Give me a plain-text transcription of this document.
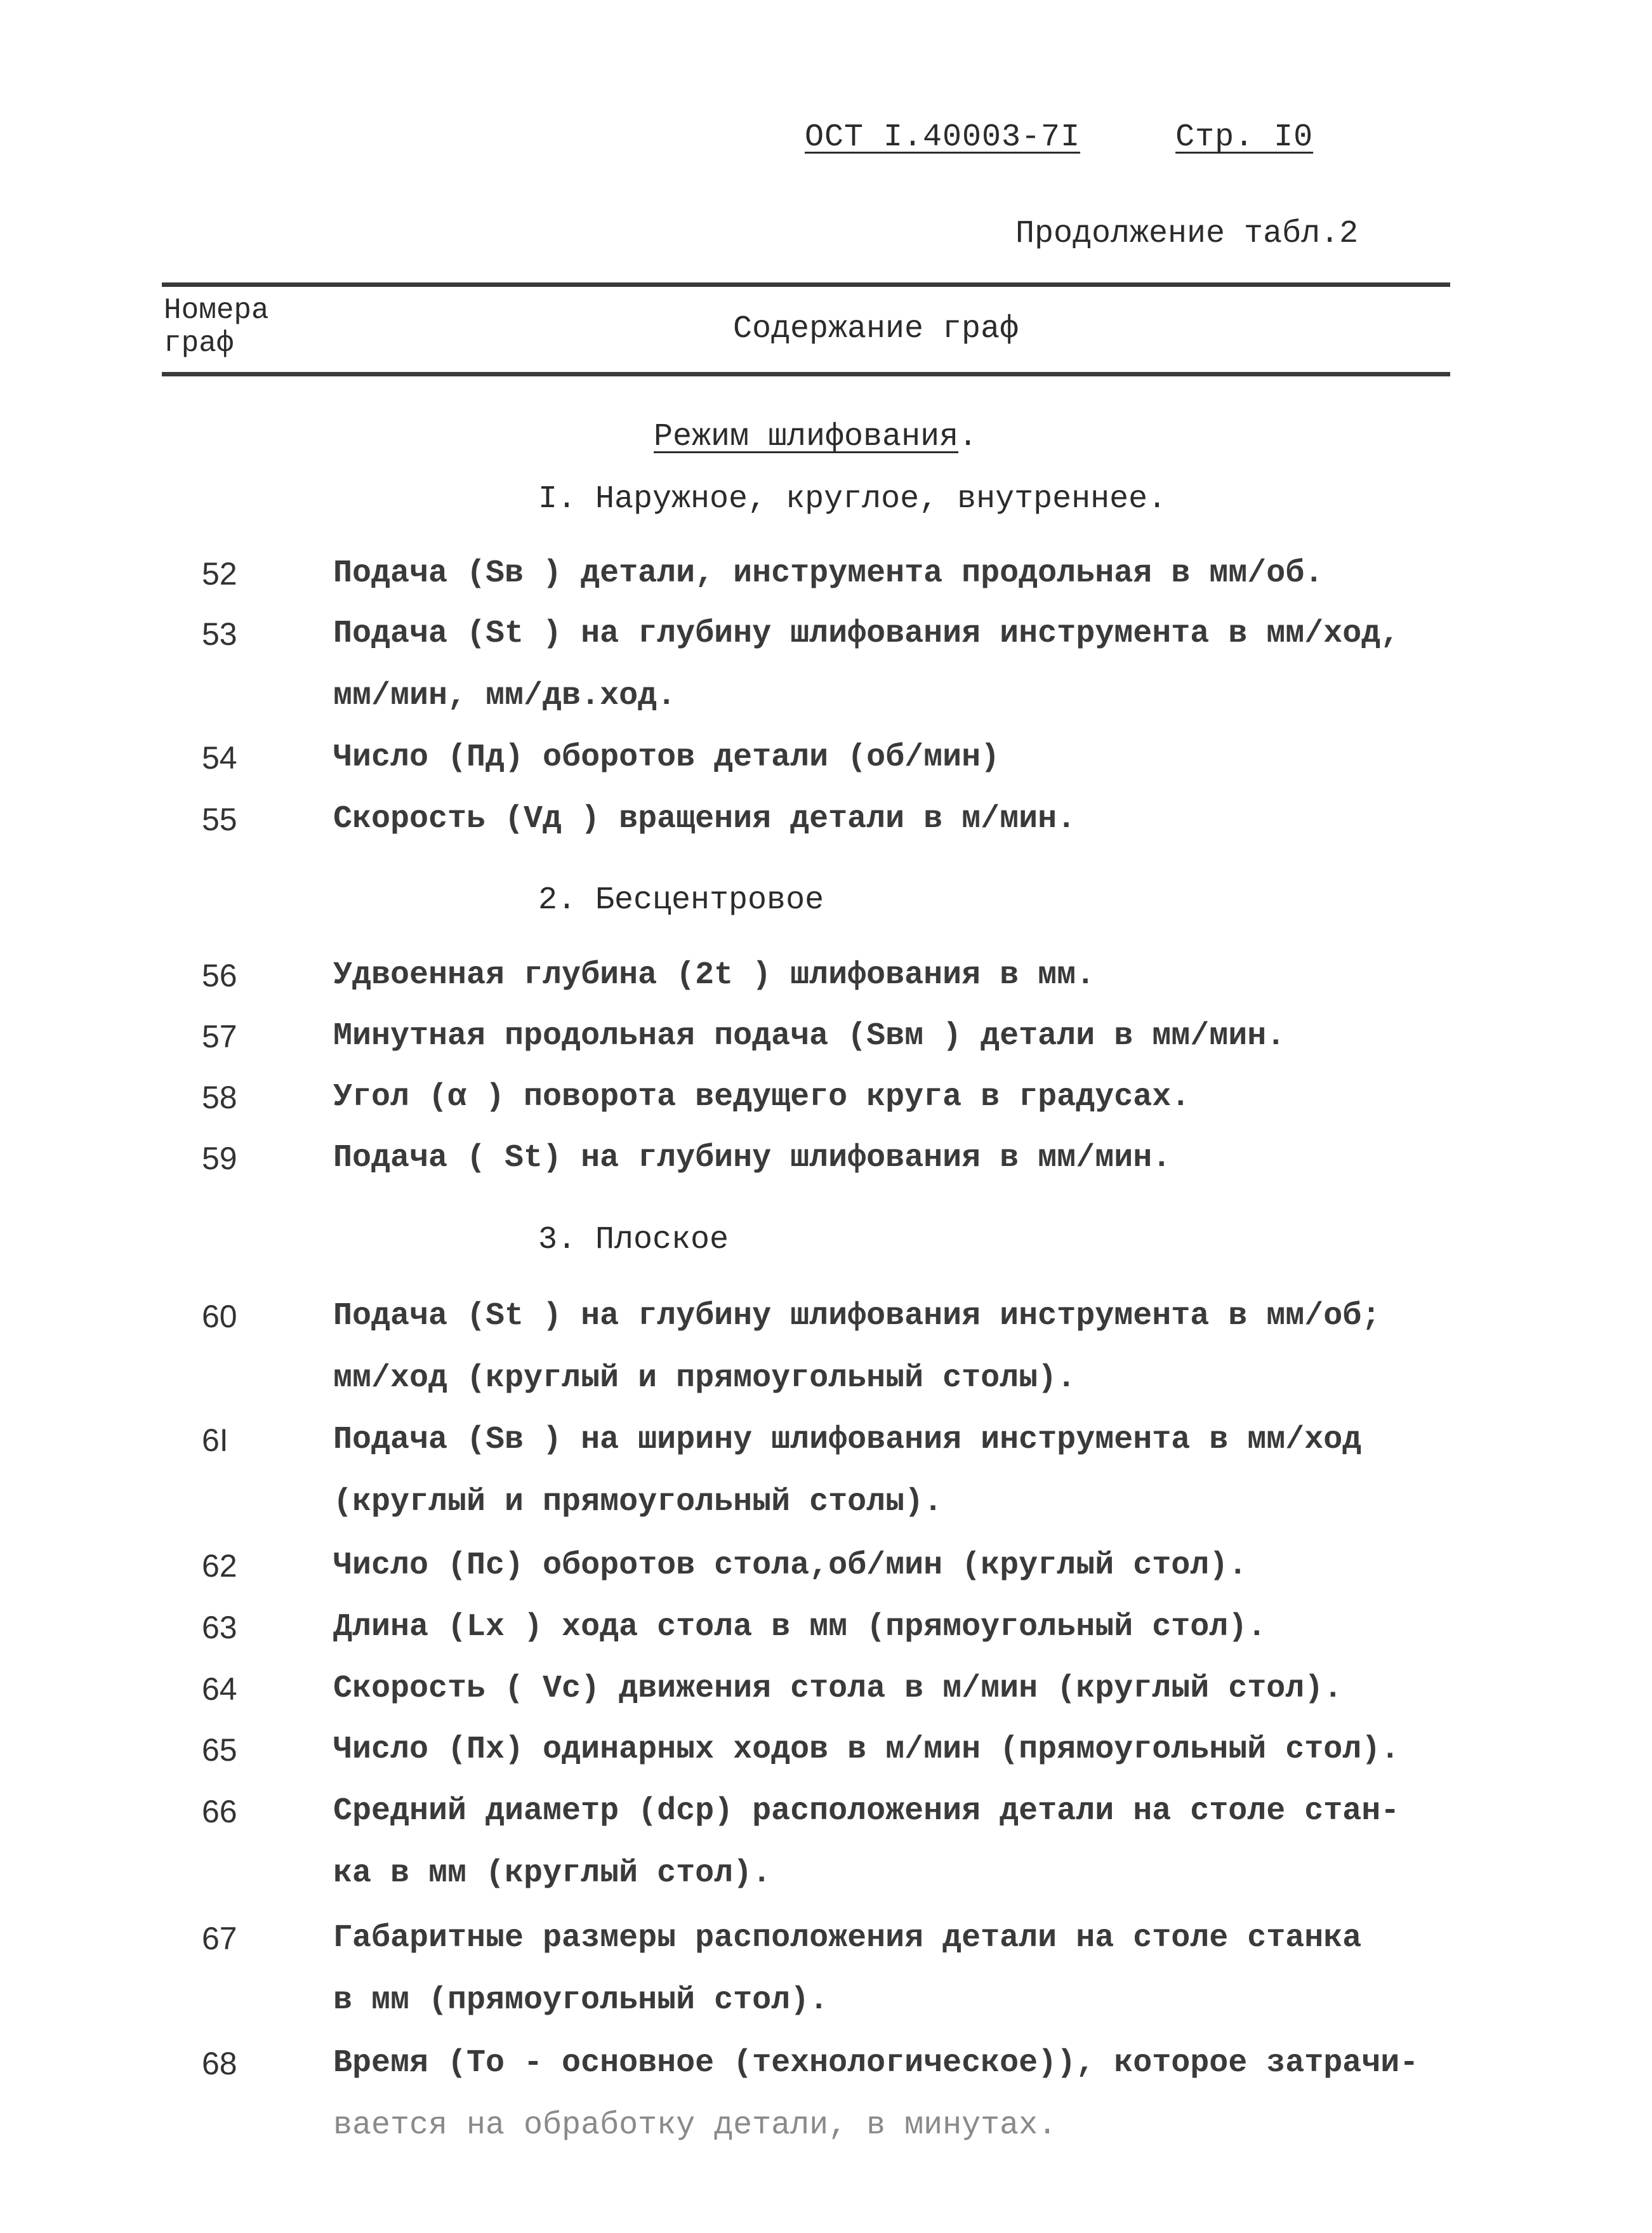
ОСТ I.40003-7I	Стр. I0
Продолжение табл.2
Номера
граф	Содержание граф
Режим шлифования.
I. Наружное, круглое, внутреннее.
52	Подача (Sв ) детали, инструмента продольная в мм/об.
53	Подача (St ) на глубину шлифования инструмента в мм/ход,
мм/мин, мм/дв.ход.
54	Число (Пд) оборотов детали (об/мин)
55	Скорость (Vд ) вращения детали в м/мин.
2. Бесцентровое
56	Удвоенная глубина (2t ) шлифования в мм.
57	Минутная продольная подача (Sвм ) детали в мм/мин.
58	Угол (α ) поворота ведущего круга в градусах.
59	Подача ( St) на глубину шлифования в мм/мин.
3. Плоское
60	Подача (St ) на глубину шлифования инструмента в мм/об;
мм/ход (круглый и прямоугольный столы).
6I	Подача (Sв ) на ширину шлифования инструмента в мм/ход
(круглый и прямоугольный столы).
62	Число (Пс) оборотов стола,об/мин (круглый стол).
63	Длина (Lх ) хода стола в мм (прямоугольный стол).
64	Скорость ( Vc) движения стола в м/мин (круглый стол).
65	Число (Пх) одинарных ходов в м/мин (прямоугольный стол).
66	Средний диаметр (dср) расположения детали на столе стан-
ка в мм (круглый стол).
67	Габаритные размеры расположения детали на столе станка
в мм (прямоугольный стол).
68	Время (To - основное (технологическое)), которое затрачи-
вается на обработку детали, в минутах.
